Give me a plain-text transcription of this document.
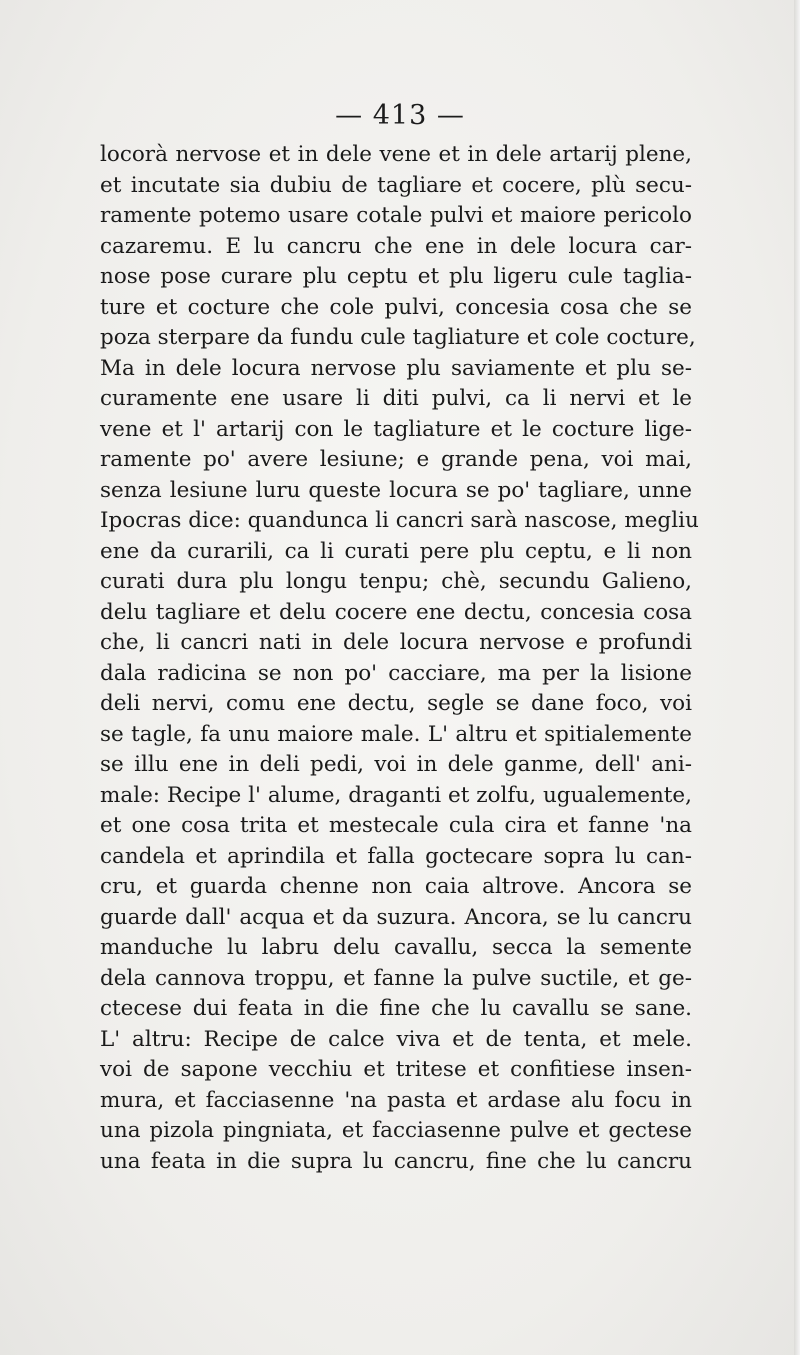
— 413 —
locorà nervose et in dele vene et in dele artarij plene,
et incutate sia dubiu de tagliare et cocere, plù secu-
ramente potemo usare cotale pulvi et maiore pericolo
cazaremu. E lu cancru che ene in dele locura car-
nose pose curare plu ceptu et plu ligeru cule taglia-
ture et cocture che cole pulvi, concesia cosa che se
poza sterpare da fundu cule tagliature et cole cocture,
Ma in dele locura nervose plu saviamente et plu se-
curamente ene usare li diti pulvi, ca li nervi et le
vene et l' artarij con le tagliature et le cocture lige-
ramente po' avere lesiune; e grande pena, voi mai,
senza lesiune luru queste locura se po' tagliare, unne
Ipocras dice: quandunca li cancri sarà nascose, megliu
ene da curarili, ca li curati pere plu ceptu, e li non
curati dura plu longu tenpu; chè, secundu Galieno,
delu tagliare et delu cocere ene dectu, concesia cosa
che, li cancri nati in dele locura nervose e profundi
dala radicina se non po' cacciare, ma per la lisione
deli nervi, comu ene dectu, segle se dane foco, voi
se tagle, fa unu maiore male. L' altru et spitialemente
se illu ene in deli pedi, voi in dele ganme, dell' ani-
male: Recipe l' alume, draganti et zolfu, ugualemente,
et one cosa trita et mestecale cula cira et fanne 'na
candela et aprindila et falla goctecare sopra lu can-
cru, et guarda chenne non caia altrove. Ancora se
guarde dall' acqua et da suzura. Ancora, se lu cancru
manduche lu labru delu cavallu, secca la semente
dela cannova troppu, et fanne la pulve suctile, et ge-
ctecese dui feata in die fine che lu cavallu se sane.
L' altru: Recipe de calce viva et de tenta, et mele.
voi de sapone vecchiu et tritese et confitiese insen-
mura, et facciasenne 'na pasta et ardase alu focu in
una pizola pingniata, et facciasenne pulve et gectese
una feata in die supra lu cancru, fine che lu cancru
